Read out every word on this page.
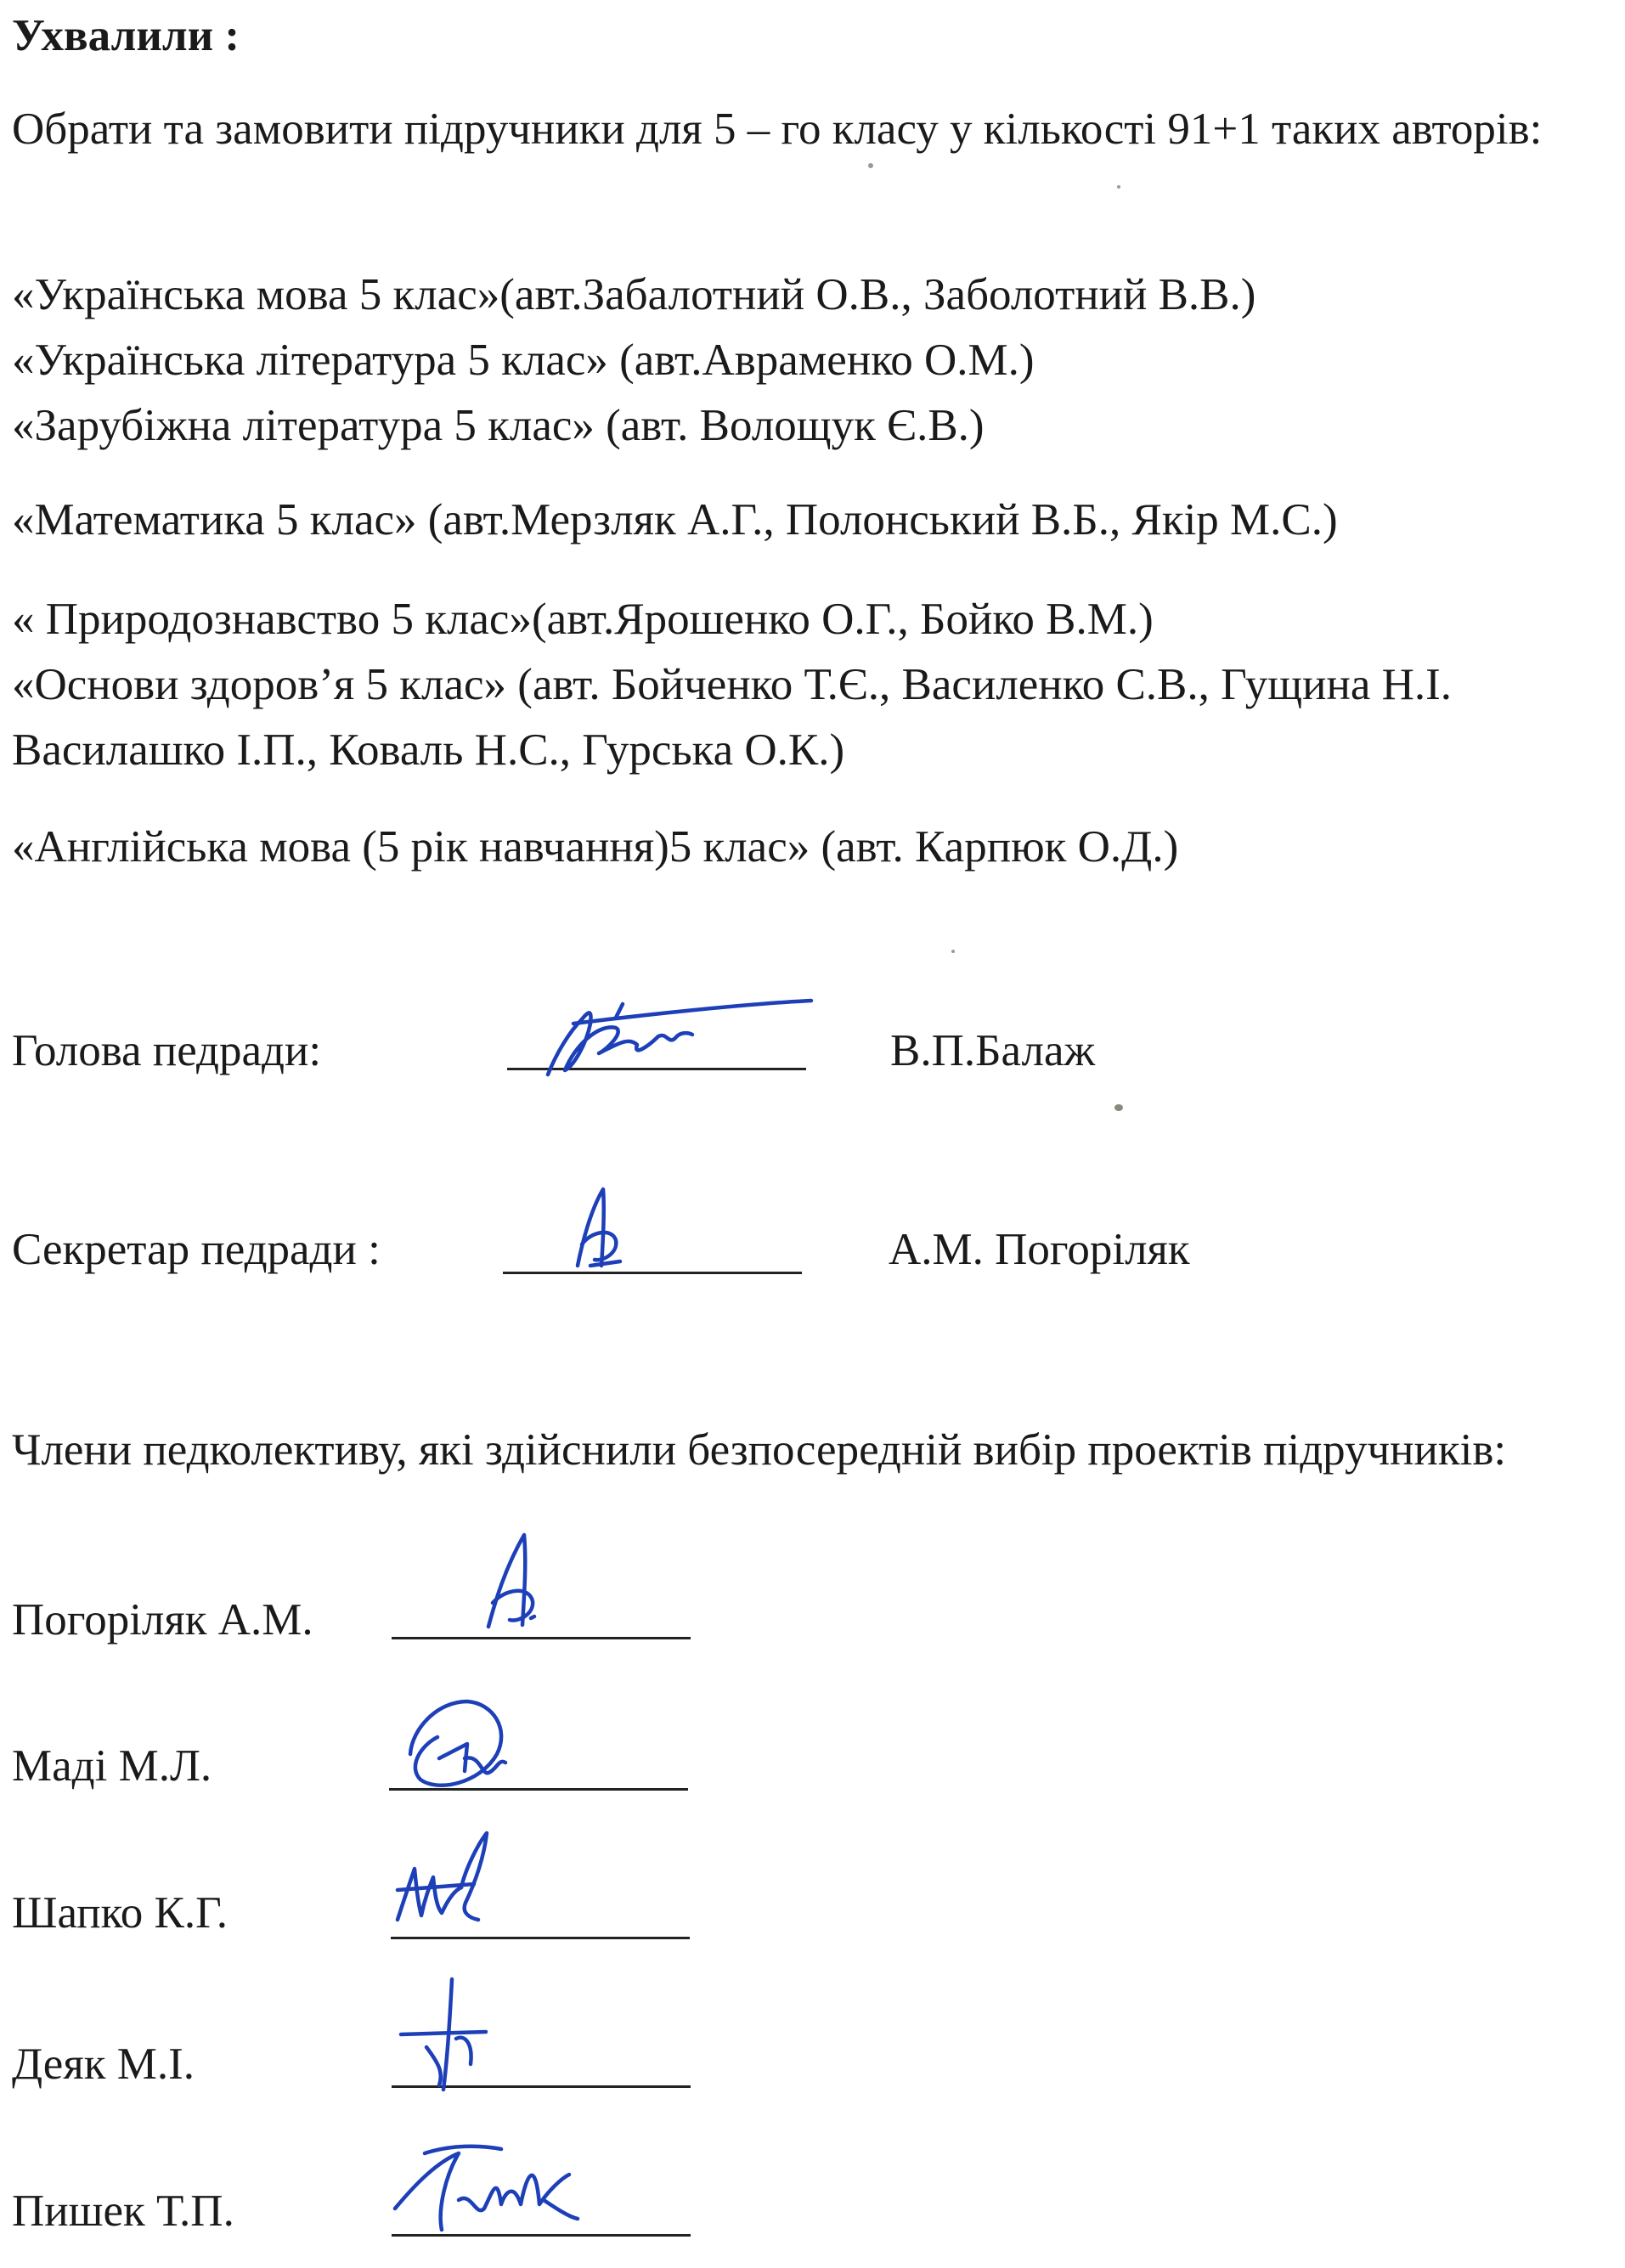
Ухвалили :
Обрати та замовити підручники для 5 – го класу у кількості 91+1 таких авторів:
«Українська мова 5 клас»(авт.Забалотний О.В., Заболотний В.В.)
«Українська література 5 клас» (авт.Авраменко О.М.)
«Зарубіжна література 5 клас» (авт. Волощук Є.В.)
«Математика 5 клас» (авт.Мерзляк А.Г., Полонський В.Б., Якір М.С.)
« Природознавство 5 клас»(авт.Ярошенко О.Г., Бойко В.М.)
«Основи здоров’я 5 клас» (авт. Бойченко Т.Є., Василенко С.В., Гущина Н.І.
Василашко І.П., Коваль Н.С., Гурська О.К.)
«Англійська мова (5 рік навчання)5 клас» (авт. Карпюк О.Д.)
Голова педради:	В.П.Балаж
Секретар педради :	А.М. Погоріляк
Члени педколективу, які здійснили безпосередній вибір проектів підручників:
Погоріляк А.М.
Маді М.Л.
Шапко К.Г.
Деяк М.І.
Пишек Т.П.
